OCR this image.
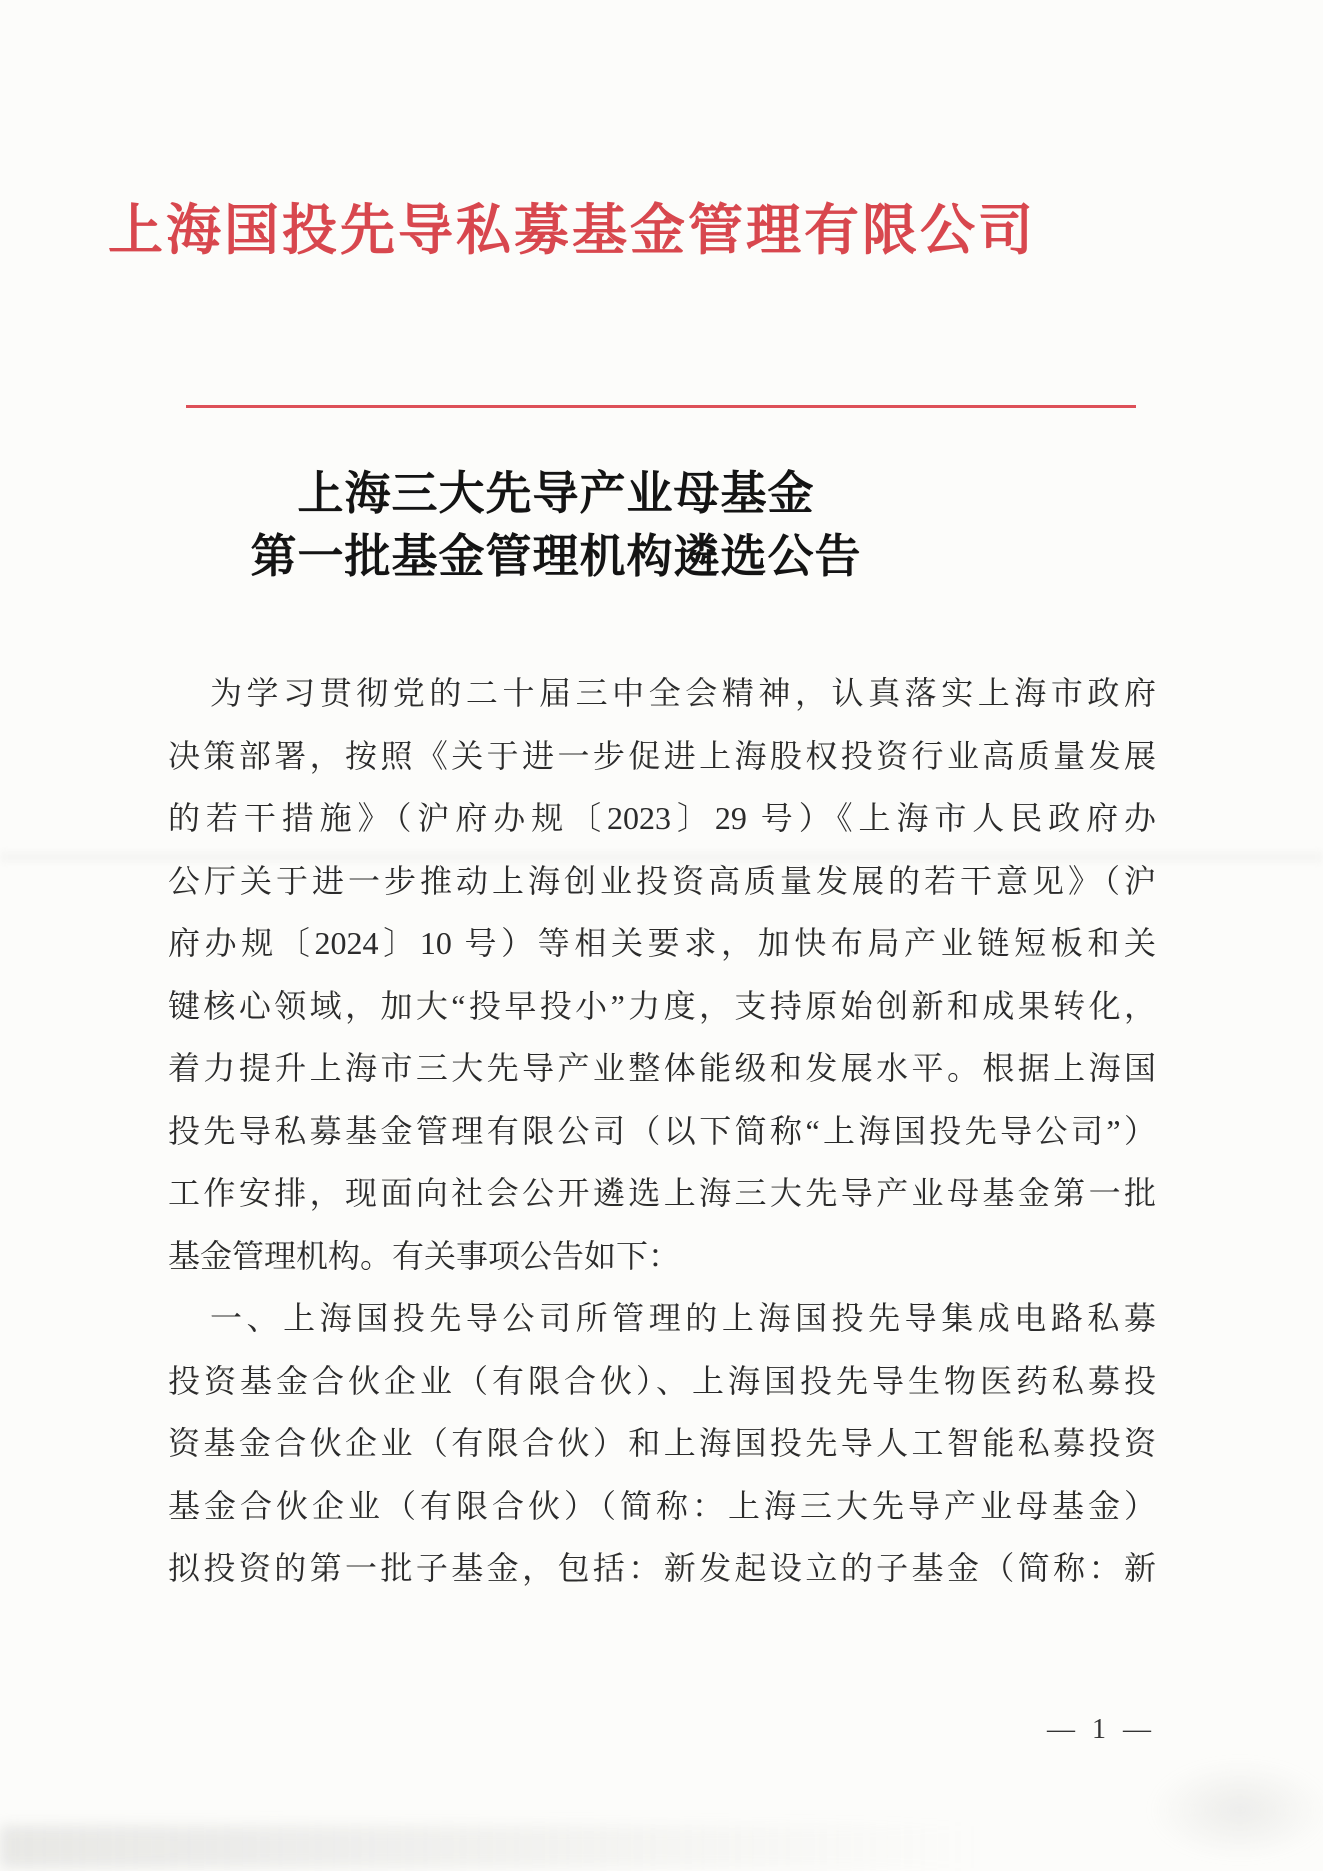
上海国投先导私募基金管理有限公司
上海三大先导产业母基金
第一批基金管理机构遴选公告
为学习贯彻党的二十届三中全会精神，认真落实上海市政府
决策部署，按照《关于进一步促进上海股权投资行业高质量发展
的若干措施》（沪府办规〔2023〕29 号）《上海市人民政府办
公厅关于进一步推动上海创业投资高质量发展的若干意见》（沪
府办规〔2024〕10 号）等相关要求，加快布局产业链短板和关
键核心领域，加大“投早投小”力度，支持原始创新和成果转化，
着力提升上海市三大先导产业整体能级和发展水平。根据上海国
投先导私募基金管理有限公司（以下简称“上海国投先导公司”）
工作安排，现面向社会公开遴选上海三大先导产业母基金第一批
基金管理机构。有关事项公告如下：
一、上海国投先导公司所管理的上海国投先导集成电路私募
投资基金合伙企业（有限合伙）、上海国投先导生物医药私募投
资基金合伙企业（有限合伙）和上海国投先导人工智能私募投资
基金合伙企业（有限合伙）（简称：上海三大先导产业母基金）
拟投资的第一批子基金，包括：新发起设立的子基金（简称：新
— 1 —
